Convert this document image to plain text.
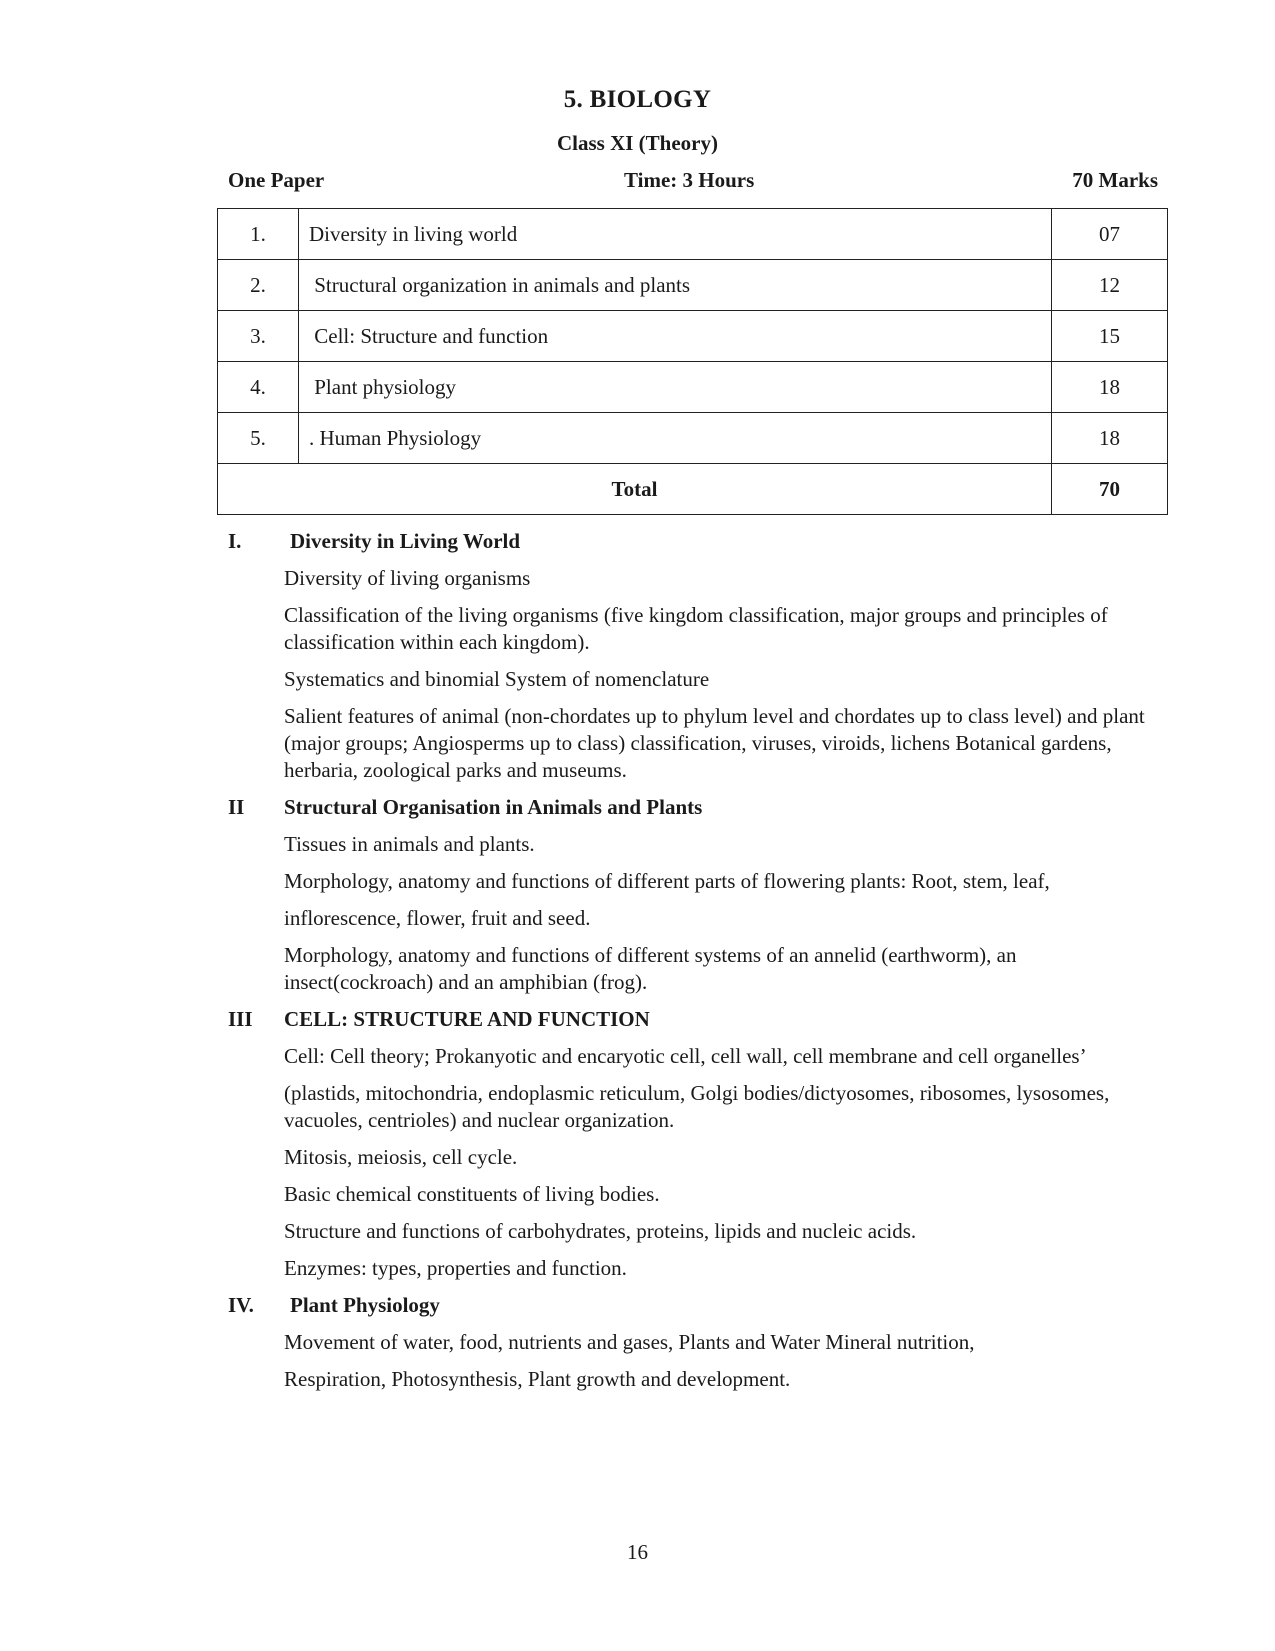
5. BIOLOGY
Class XI (Theory)
One Paper	Time: 3 Hours	70 Marks
1.	Diversity in living world	07
2.	Structural organization in animals and plants	12
3.	Cell: Structure and function	15
4.	Plant physiology	18
5.	. Human Physiology	18
Total		70
I. Diversity in Living World

Diversity of living organisms

Classification of the living organisms (five kingdom classification, major groups and principles of classification within each kingdom).

Systematics and binomial System of nomenclature

Salient features of animal (non-chordates up to phylum level and chordates up to class level) and plant (major groups; Angiosperms up to class) classification, viruses, viroids, lichens Botanical gardens, herbaria, zoological parks and museums.

II Structural Organisation in Animals and Plants

Tissues in animals and plants.

Morphology, anatomy and functions of different parts of flowering plants: Root, stem, leaf,

inflorescence, flower, fruit and seed.

Morphology, anatomy and functions of different systems of an annelid (earthworm), an insect(cockroach) and an amphibian (frog).

III CELL: STRUCTURE AND FUNCTION

Cell: Cell theory; Prokanyotic and encaryotic cell, cell wall, cell membrane and cell organelles’

(plastids, mitochondria, endoplasmic reticulum, Golgi bodies/dictyosomes, ribosomes, lysosomes, vacuoles, centrioles) and nuclear organization.

Mitosis, meiosis, cell cycle.

Basic chemical constituents of living bodies.

Structure and functions of carbohydrates, proteins, lipids and nucleic acids.

Enzymes: types, properties and function.

IV. Plant Physiology

Movement of water, food, nutrients and gases, Plants and Water Mineral nutrition,

Respiration, Photosynthesis, Plant growth and development.

16
